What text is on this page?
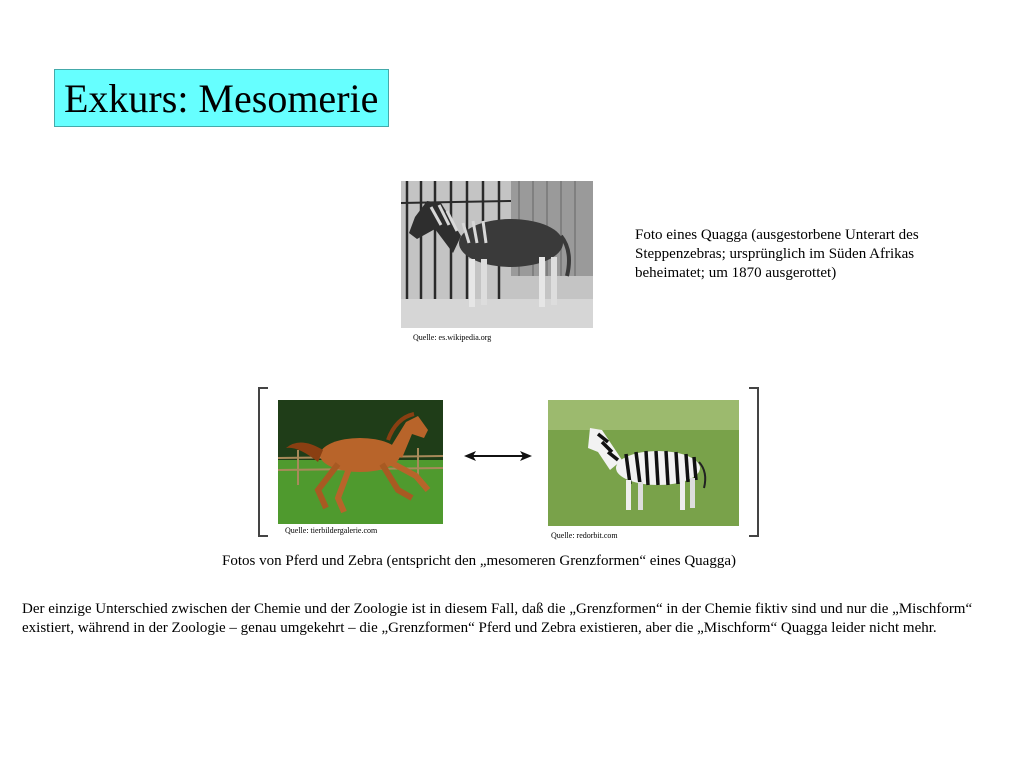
Exkurs: Mesomerie
Quelle: es.wikipedia.org
Foto eines Quagga (ausgestorbene Unterart des Steppenzebras; ursprünglich im Süden Afrikas beheimatet; um 1870 ausgerottet)
Quelle: tierbildergalerie.com
Quelle: redorbit.com
Fotos von Pferd und Zebra (entspricht den „mesomeren Grenzformen“ eines Quagga)
Der einzige Unterschied zwischen der Chemie und der Zoologie ist in diesem Fall, daß die „Grenzformen“ in der Chemie fiktiv sind und nur die „Mischform“ existiert, während in der Zoologie – genau umgekehrt – die „Grenzformen“ Pferd und Zebra existieren, aber die „Mischform“ Quagga leider nicht mehr.
